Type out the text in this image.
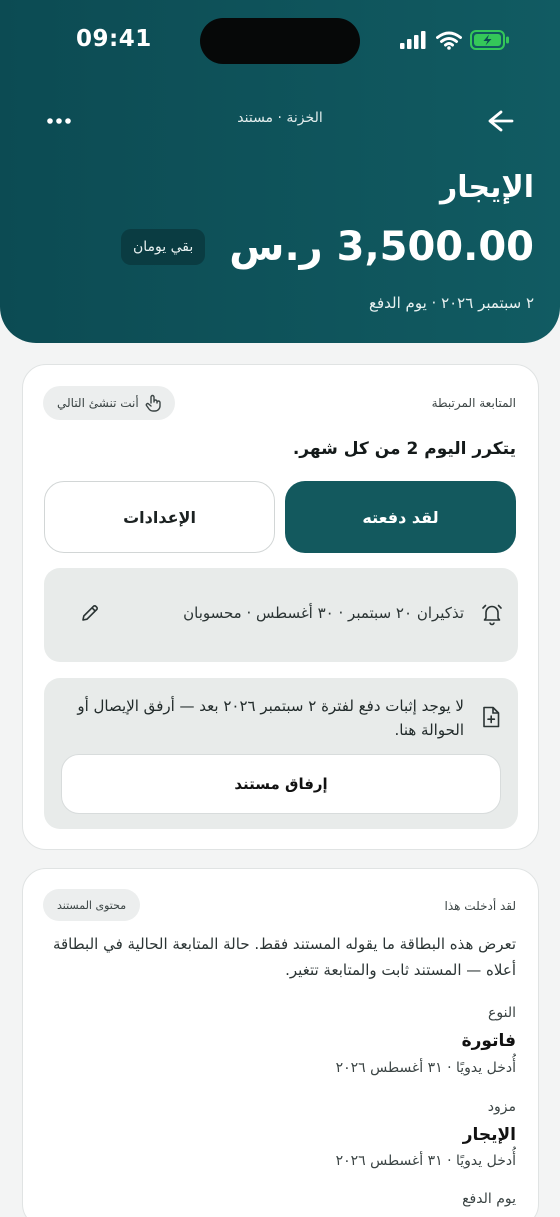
09:41
الخزنة · مستند
الإيجار
3,500.00 ر.س
بقي يومان
٢ سبتمبر ٢٠٢٦ · يوم الدفع
المتابعة المرتبطة
أنت تنشئ التالي
يتكرر اليوم 2 من كل شهر.
لقد دفعته
الإعدادات
تذكيران ٢٠ سبتمبر · ٣٠ أغسطس · محسوبان
لا يوجد إثبات دفع لفترة ٢ سبتمبر ٢٠٢٦ بعد — أرفق الإيصال أو الحوالة هنا.
إرفاق مستند
لقد أدخلت هذا
محتوى المستند
تعرض هذه البطاقة ما يقوله المستند فقط. حالة المتابعة الحالية في البطاقة أعلاه — المستند ثابت والمتابعة تتغير.
النوع
فاتورة
أُدخل يدويًا · ٣١ أغسطس ٢٠٢٦
مزود
الإيجار
أُدخل يدويًا · ٣١ أغسطس ٢٠٢٦
يوم الدفع
